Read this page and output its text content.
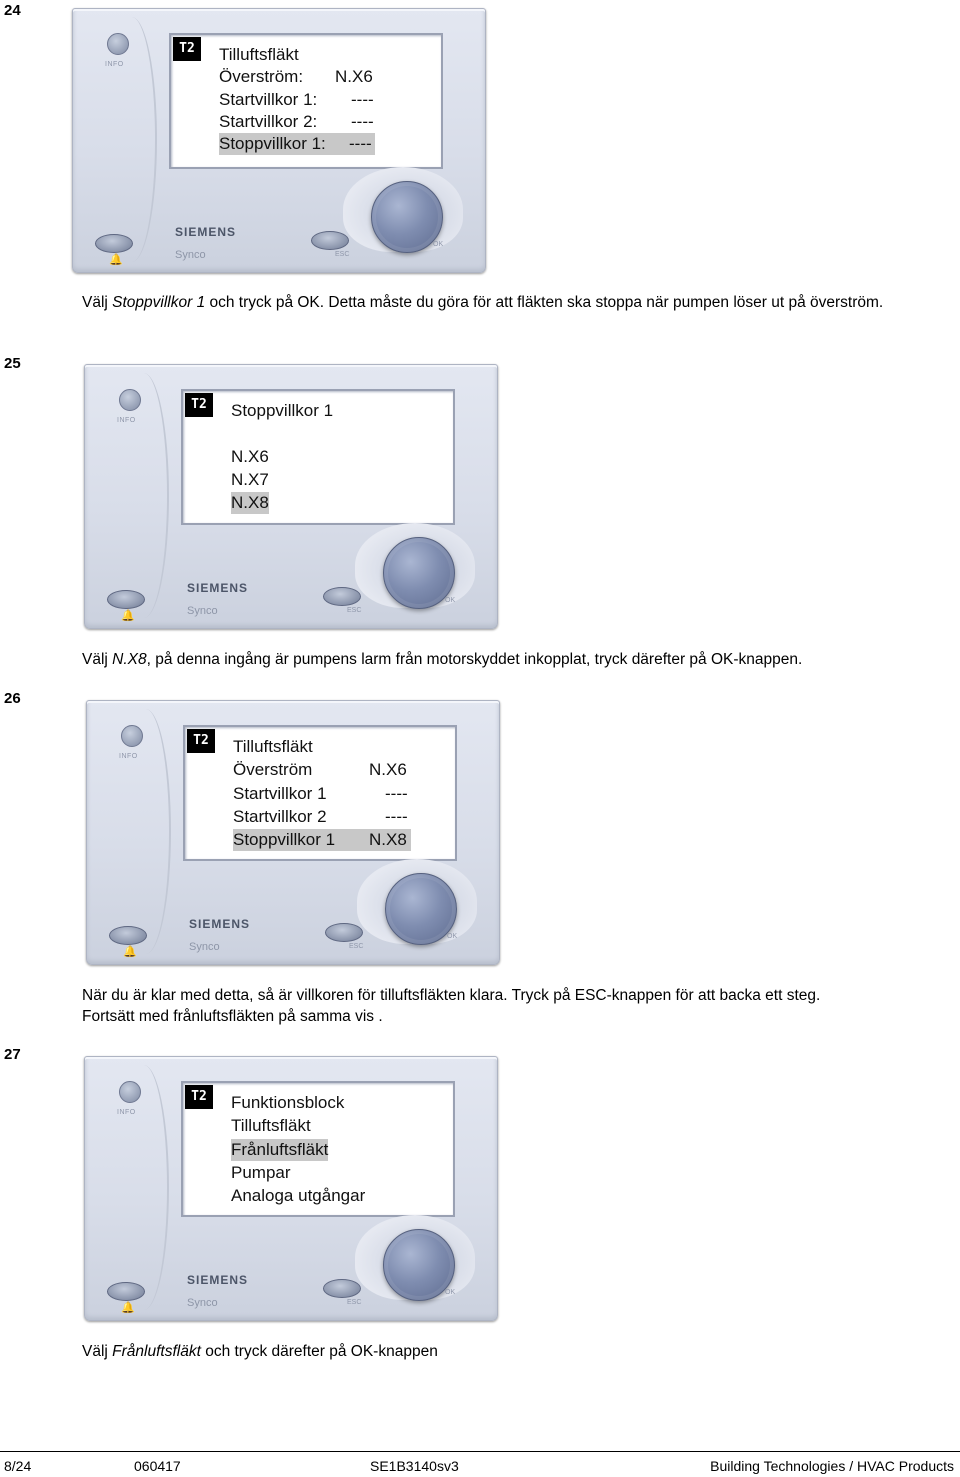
24
25
26
27
INFO
T2	Tilluftsfläkt
Överström: N.X6
Startvillkor 1: ----
Startvillkor 2: ----
Stoppvillkor 1: ----
SIEMENS
Synco
🔔	ESC
OK
Välj Stoppvillkor 1 och tryck på OK. Detta måste du göra för att fläkten ska stoppa när pumpen löser ut på överström.
INFO
T2	Stoppvillkor 1
N.X6
N.X7
N.X8
SIEMENS
Synco
🔔	ESC
OK
Välj N.X8, på denna ingång är pumpens larm från motorskyddet inkopplat, tryck därefter på OK-knappen.
INFO
T2	Tilluftsfläkt
Överström	N.X6
Startvillkor 1	----
Startvillkor 2	----
Stoppvillkor 1 N.X8
SIEMENS
Synco
🔔	ESC
OK
När du är klar med detta, så är villkoren för tilluftsfläkten klara. Tryck på ESC-knappen för att backa ett steg.
Fortsätt med frånluftsfläkten på samma vis .
INFO
T2	Funktionsblock
Tilluftsfläkt
Frånluftsfläkt
Pumpar
Analoga utgångar
SIEMENS
Synco
🔔	ESC
OK
Välj Frånluftsfläkt och tryck därefter på OK-knappen
8/24	060417	SE1B3140sv3	Building Technologies / HVAC Products
